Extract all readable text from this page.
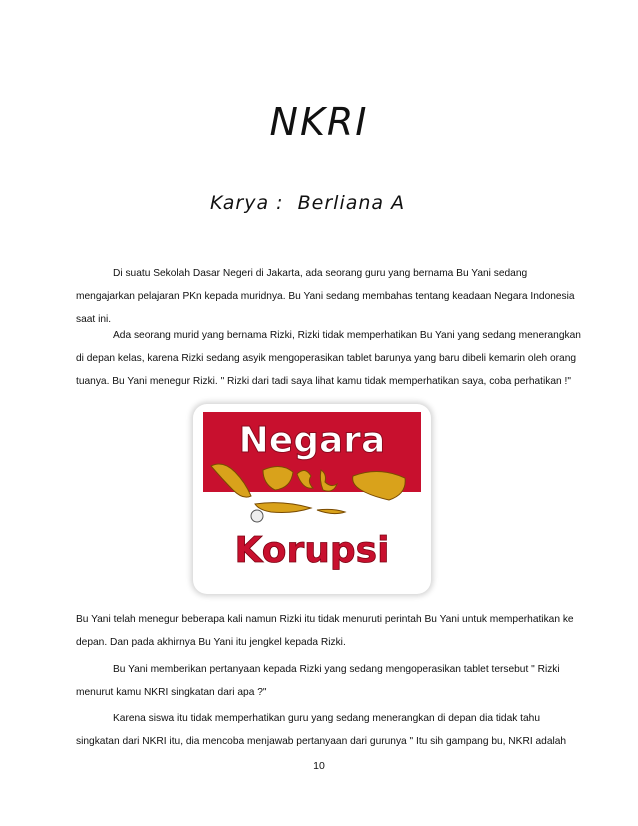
NKRI
Karya :  Berliana A
Di suatu Sekolah Dasar Negeri di Jakarta, ada seorang guru yang bernama Bu Yani sedang
mengajarkan pelajaran PKn kepada muridnya. Bu Yani sedang membahas tentang keadaan Negara Indonesia
saat ini.
Ada seorang murid yang bernama Rizki, Rizki tidak memperhatikan Bu Yani yang sedang menerangkan
di depan kelas, karena Rizki sedang asyik mengoperasikan tablet barunya yang baru dibeli kemarin oleh orang
tuanya. Bu Yani menegur Rizki. " Rizki dari tadi saya lihat kamu tidak memperhatikan saya, coba perhatikan !"
Negara
Korupsi
Bu Yani telah menegur beberapa kali namun Rizki itu tidak menuruti perintah Bu Yani untuk memperhatikan ke
depan. Dan pada akhirnya Bu Yani itu jengkel kepada Rizki.
Bu Yani memberikan pertanyaan kepada Rizki yang sedang mengoperasikan tablet tersebut " Rizki
menurut kamu NKRI singkatan dari apa ?"
Karena siswa itu tidak memperhatikan guru yang sedang menerangkan di depan dia tidak tahu
singkatan dari NKRI itu, dia mencoba menjawab pertanyaan dari gurunya " Itu sih gampang bu, NKRI adalah
10
